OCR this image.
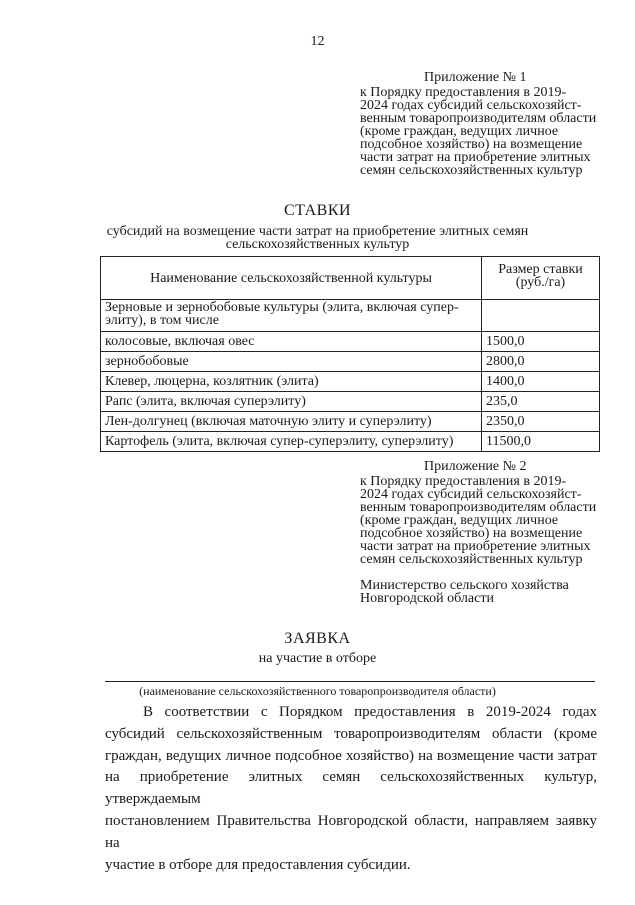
12
Приложение № 1
к Порядку предоставления в 2019-
2024 годах субсидий сельскохозяйст-
венным товаропроизводителям области
(кроме граждан, ведущих личное
подсобное хозяйство) на возмещение
части затрат на приобретение элитных
семян сельскохозяйственных культур
СТАВКИ
субсидий на возмещение части затрат на приобретение элитных семян
сельскохозяйственных культур
Наименование сельскохозяйственной культуры	Размер ставки (руб./га)
Зерновые и зернобобовые культуры (элита, включая супер-элиту), в том числе	
колосовые, включая овес	1500,0
зернобобовые	2800,0
Клевер, люцерна, козлятник (элита)	1400,0
Рапс (элита, включая суперэлиту)	235,0
Лен-долгунец (включая маточную элиту и суперэлиту)	2350,0
Картофель (элита, включая супер-суперэлиту, суперэлиту)	11500,0
Приложение № 2
к Порядку предоставления в 2019-
2024 годах субсидий сельскохозяйст-
венным товаропроизводителям области
(кроме граждан, ведущих личное
подсобное хозяйство) на возмещение
части затрат на приобретение элитных
семян сельскохозяйственных культур
Министерство сельского хозяйства
Новгородской области
ЗАЯВКА
на участие в отборе
(наименование сельскохозяйственного товаропроизводителя области)
В соответствии с Порядком предоставления в 2019-2024 годах
субсидий сельскохозяйственным товаропроизводителям области (кроме
граждан, ведущих личное подсобное хозяйство) на возмещение части затрат
на приобретение элитных семян сельскохозяйственных культур, утверждаемым
постановлением Правительства Новгородской области, направляем заявку на
участие в отборе для предоставления субсидии.
